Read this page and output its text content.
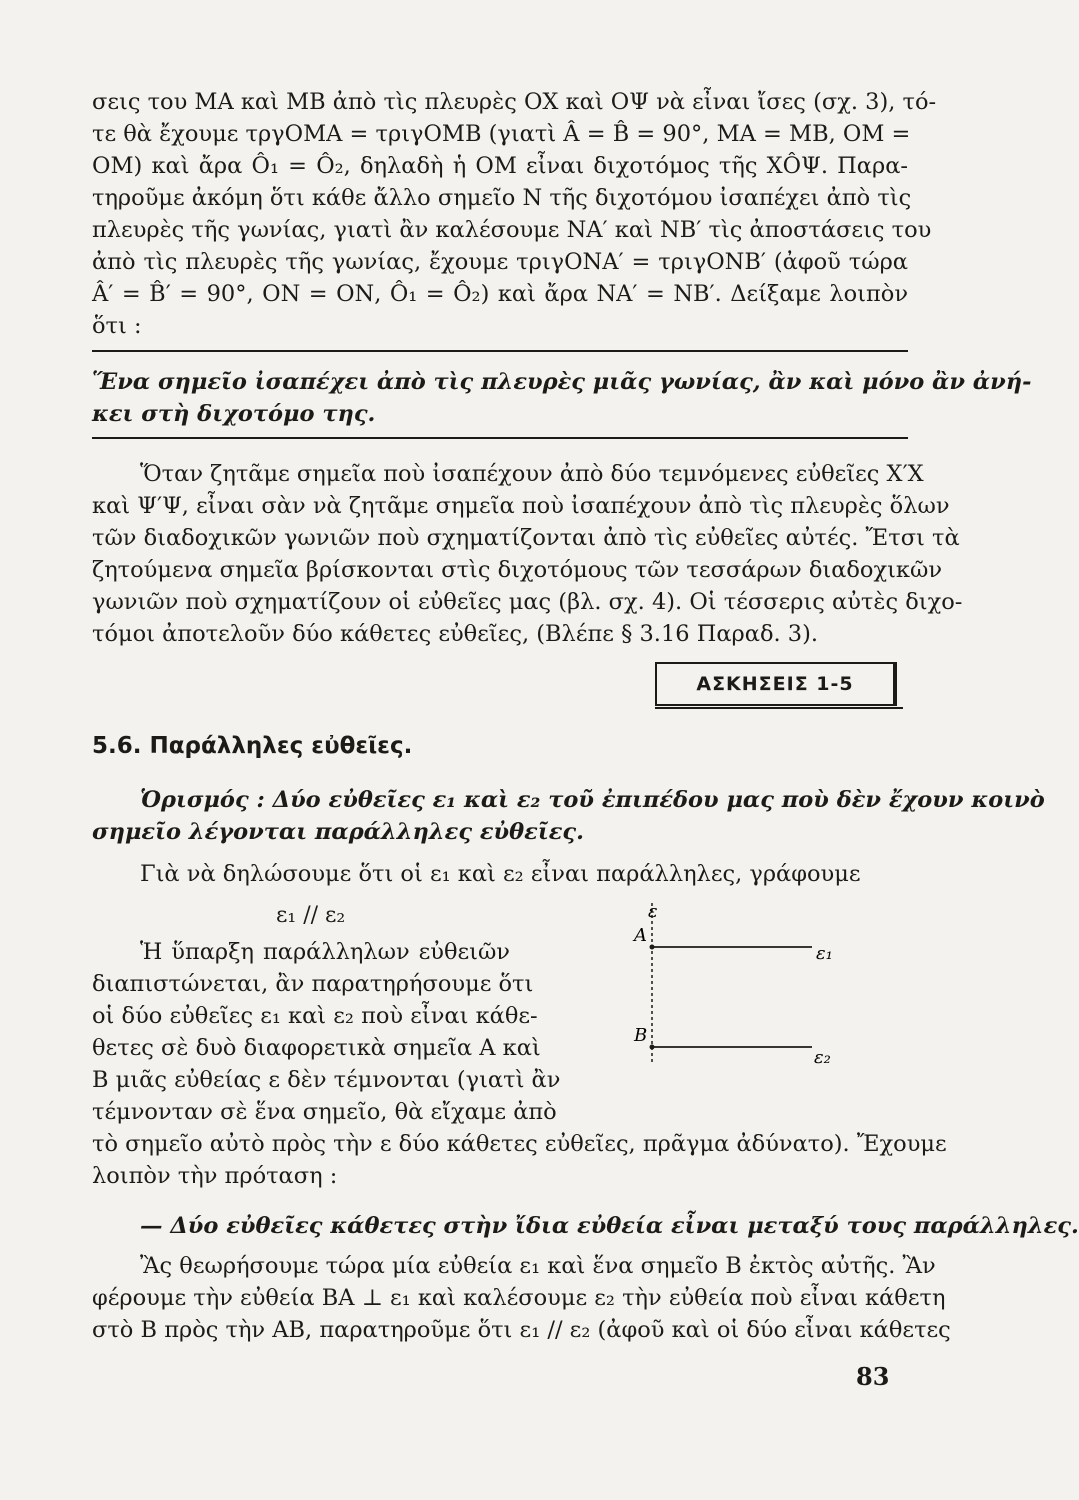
σεις του ΜΑ καὶ ΜΒ ἀπὸ τὶς πλευρὲς ΟΧ καὶ ΟΨ νὰ εἶναι ἴσες (σχ. 3), τό-
τε θὰ ἔχουμε τργΟΜΑ = τριγΟΜΒ (γιατὶ Â = B̂ = 90°, ΜΑ = ΜΒ, ΟΜ =
ΟΜ) καὶ ἄρα Ô₁ = Ô₂, δηλαδὴ ἡ ΟΜ εἶναι διχοτόμος τῆς ΧÔΨ. Παρα-
τηροῦμε ἀκόμη ὅτι κάθε ἄλλο σημεῖο Ν τῆς διχοτόμου ἰσαπέχει ἀπὸ τὶς
πλευρὲς τῆς γωνίας, γιατὶ ἂν καλέσουμε ΝΑ′ καὶ ΝΒ′ τὶς ἀποστάσεις του
ἀπὸ τὶς πλευρὲς τῆς γωνίας, ἔχουμε τριγΟΝΑ′ = τριγΟΝΒ′ (ἀφοῦ τώρα
Â′ = B̂′ = 90°, ΟΝ = ΟΝ, Ô₁ = Ô₂) καὶ ἄρα ΝΑ′ = ΝΒ′. Δείξαμε λοιπὸν
ὅτι :
Ἕνα σημεῖο ἰσαπέχει ἀπὸ τὶς πλευρὲς μιᾶς γωνίας, ἂν καὶ μόνο ἂν ἀνή-
κει στὴ διχοτόμο της.
Ὅταν ζητᾶμε σημεῖα ποὺ ἰσαπέχουν ἀπὸ δύο τεμνόμενες εὐθεῖες Χ′Χ
καὶ Ψ′Ψ, εἶναι σὰν νὰ ζητᾶμε σημεῖα ποὺ ἰσαπέχουν ἀπὸ τὶς πλευρὲς ὅλων
τῶν διαδοχικῶν γωνιῶν ποὺ σχηματίζονται ἀπὸ τὶς εὐθεῖες αὐτές. Ἔτσι τὰ
ζητούμενα σημεῖα βρίσκονται στὶς διχοτόμους τῶν τεσσάρων διαδοχικῶν
γωνιῶν ποὺ σχηματίζουν οἱ εὐθεῖες μας (βλ. σχ. 4). Οἱ τέσσερις αὐτὲς διχο-
τόμοι ἀποτελοῦν δύο κάθετες εὐθεῖες, (Βλέπε § 3.16 Παραδ. 3).
ΑΣΚΗΣΕΙΣ 1-5
5.6. Παράλληλες εὐθεῖες.
Ὁρισμός : Δύο εὐθεῖες ε₁ καὶ ε₂ τοῦ ἐπιπέδου μας ποὺ δὲν ἔχουν κοινὸ
σημεῖο λέγονται παράλληλες εὐθεῖες.
Γιὰ νὰ δηλώσουμε ὅτι οἱ ε₁ καὶ ε₂ εἶναι παράλληλες, γράφουμε
ε₁ // ε₂
Ἡ ὕπαρξη παράλληλων εὐθειῶν
διαπιστώνεται, ἂν παρατηρήσουμε ὅτι
οἱ δύο εὐθεῖες ε₁ καὶ ε₂ ποὺ εἶναι κάθε-
θετες σὲ δυὸ διαφορετικὰ σημεῖα Α καὶ
Β μιᾶς εὐθείας ε δὲν τέμνονται (γιατὶ ἂν
τέμνονταν σὲ ἕνα σημεῖο, θὰ εἴχαμε ἀπὸ
ε
A
B
ε₁
ε₂
τὸ σημεῖο αὐτὸ πρὸς τὴν ε δύο κάθετες εὐθεῖες, πρᾶγμα ἀδύνατο). Ἔχουμε
λοιπὸν τὴν πρόταση :
— Δύο εὐθεῖες κάθετες στὴν ἴδια εὐθεία εἶναι μεταξύ τους παράλληλες.
Ἂς θεωρήσουμε τώρα μία εὐθεία ε₁ καὶ ἕνα σημεῖο Β ἐκτὸς αὐτῆς. Ἂν
φέρουμε τὴν εὐθεία ΒΑ ⊥ ε₁ καὶ καλέσουμε ε₂ τὴν εὐθεία ποὺ εἶναι κάθετη
στὸ Β πρὸς τὴν ΑΒ, παρατηροῦμε ὅτι ε₁ // ε₂ (ἀφοῦ καὶ οἱ δύο εἶναι κάθετες
83
